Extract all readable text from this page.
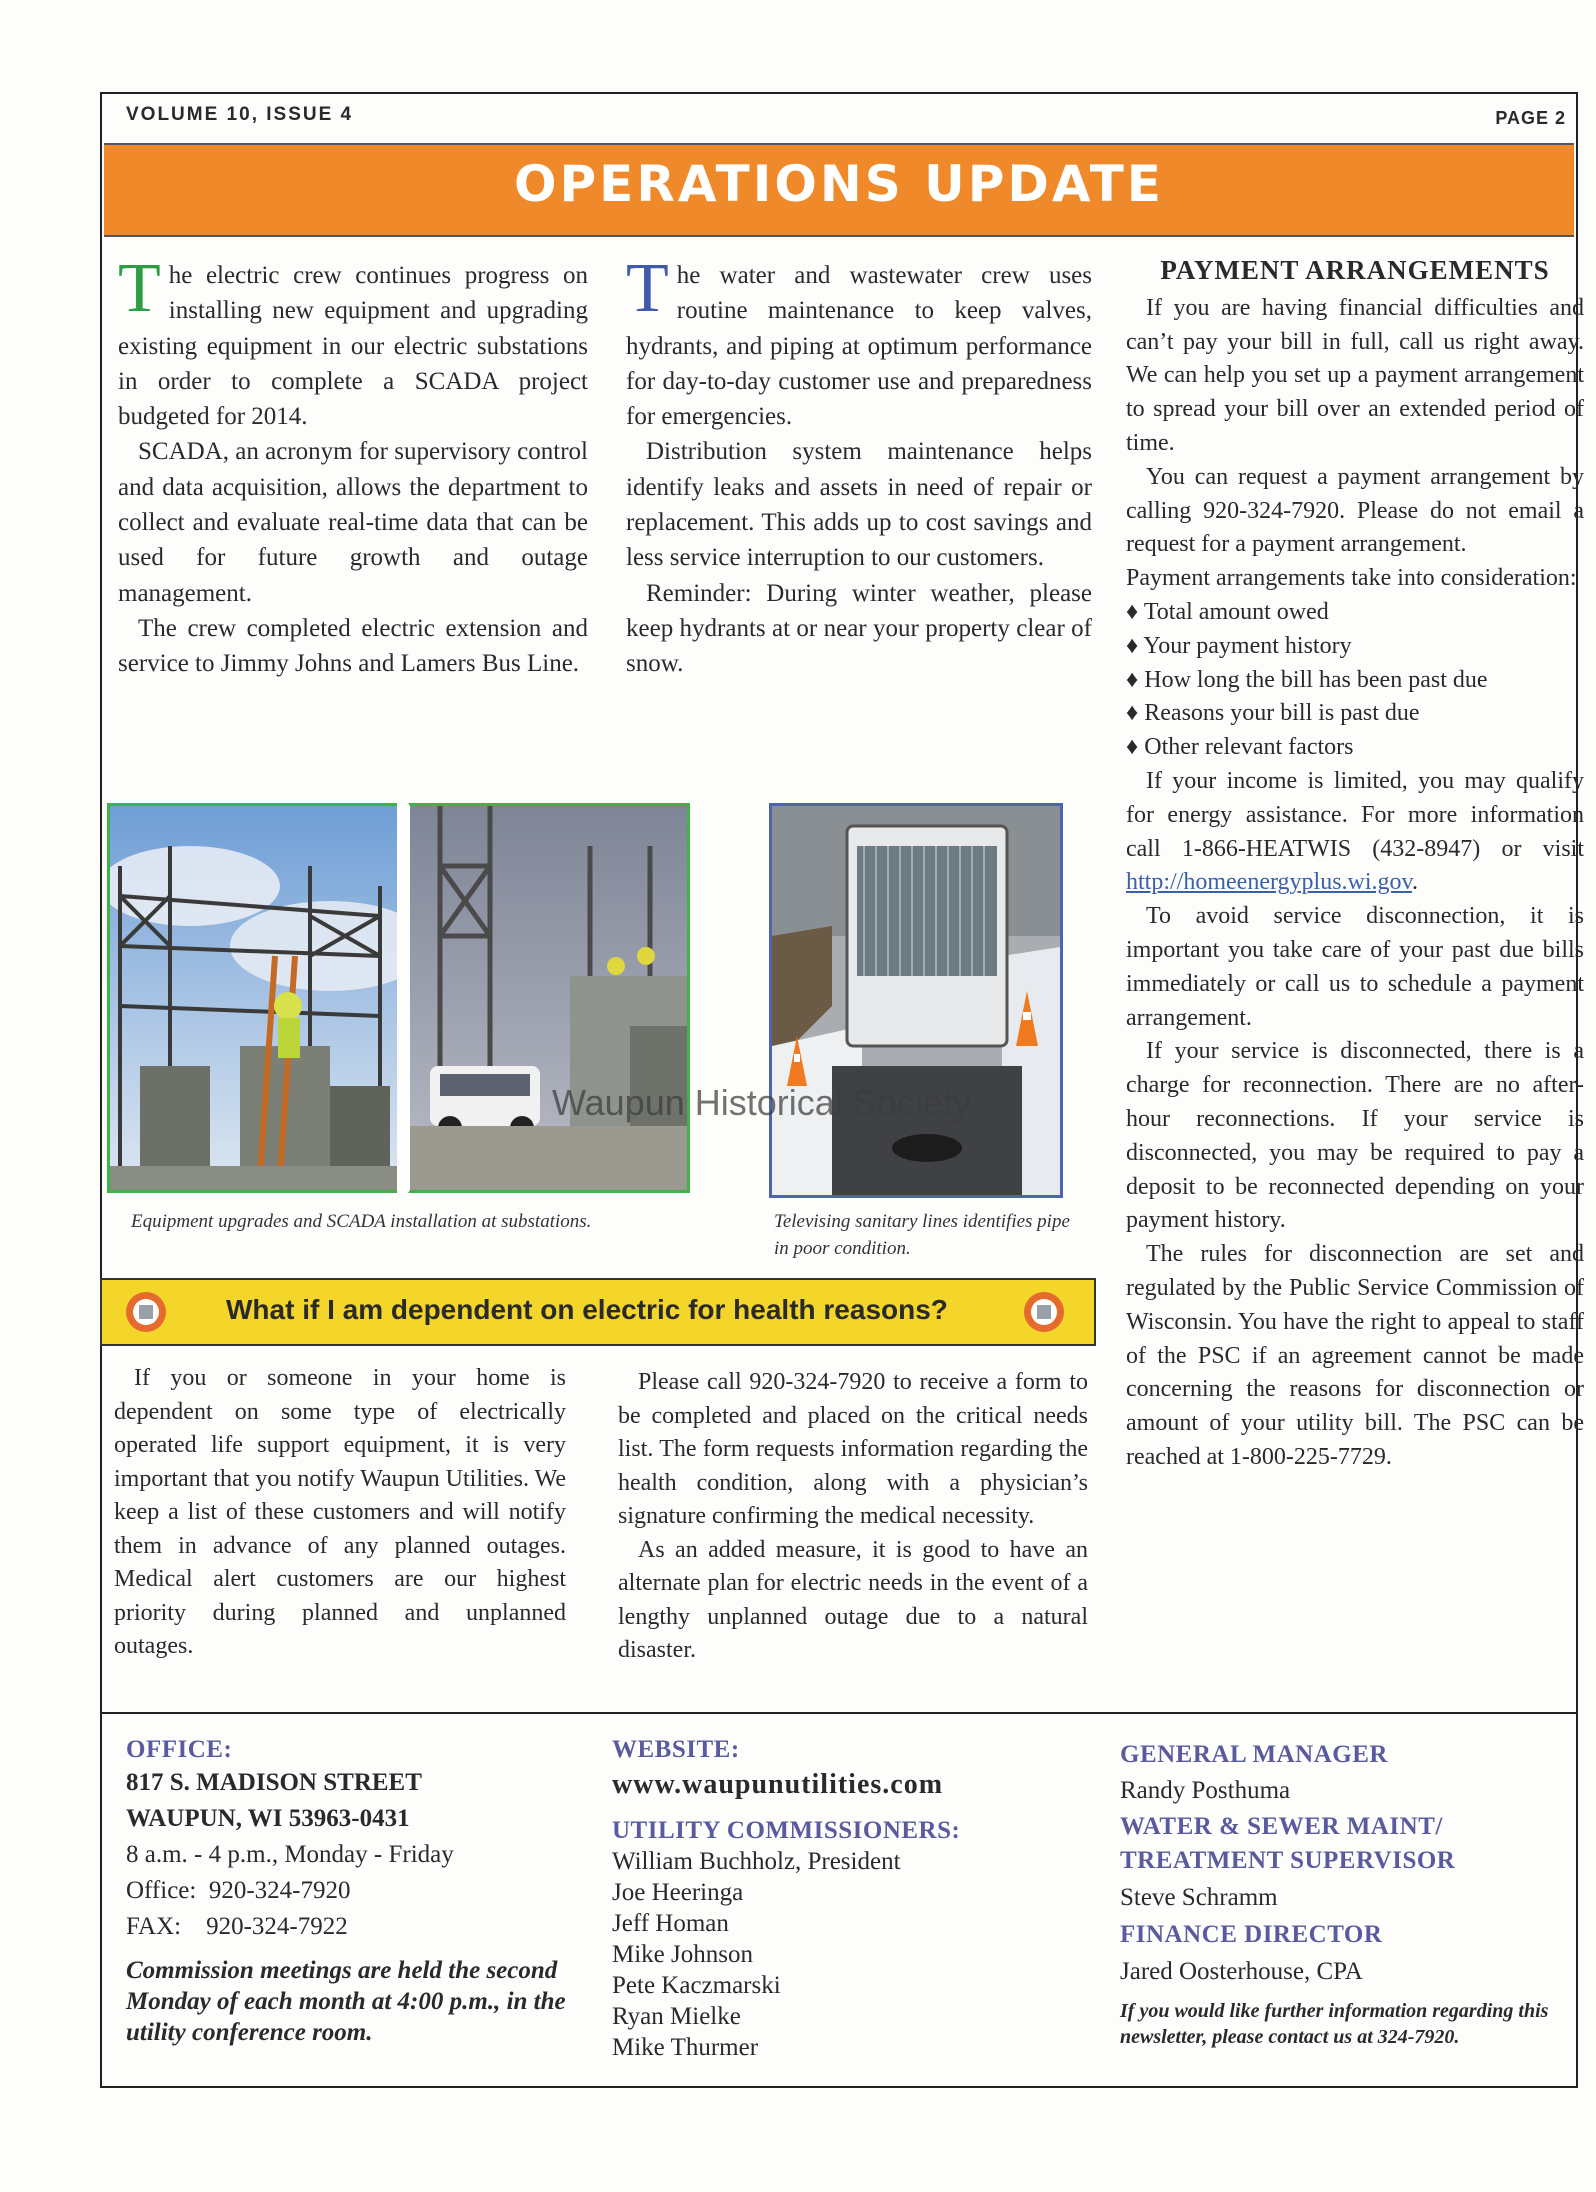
VOLUME 10, ISSUE 4	PAGE 2
OPERATIONS UPDATE

The electric crew continues progress on installing new equipment and upgrading existing equipment in our electric substations in order to complete a SCADA project budgeted for 2014.

SCADA, an acronym for supervisory control and data acquisition, allows the department to collect and evaluate real-time data that can be used for future growth and outage management.

The crew completed electric extension and service to Jimmy Johns and Lamers Bus Line.

The water and wastewater crew uses routine maintenance to keep valves, hydrants, and piping at optimum performance for day-to-day customer use and preparedness for emergencies.

Distribution system maintenance helps identify leaks and assets in need of repair or replacement. This adds up to cost savings and less service interruption to our customers.

Reminder: During winter weather, please keep hydrants at or near your property clear of snow.

PAYMENT ARRANGEMENTS

If you are having financial difficulties and can’t pay your bill in full, call us right away. We can help you set up a payment arrangement to spread your bill over an extended period of time.

You can request a payment arrangement by calling 920-324-7920. Please do not email a request for a payment arrangement.

Payment arrangements take into consideration:

♦ Total amount owed
♦ Your payment history
♦ How long the bill has been past due
♦ Reasons your bill is past due
♦ Other relevant factors

If your income is limited, you may qualify for energy assistance. For more information call 1-866-HEATWIS (432-8947) or visit http://homeenergyplus.wi.gov.

To avoid service disconnection, it is important you take care of your past due bills immediately or call us to schedule a payment arrangement.

If your service is disconnected, there is a charge for reconnection. There are no after-hour reconnections. If your service is disconnected, you may be required to pay a deposit to be reconnected depending on your payment history.

The rules for disconnection are set and regulated by the Public Service Commission of Wisconsin. You have the right to appeal to staff of the PSC if an agreement cannot be made concerning the reasons for disconnection or amount of your utility bill. The PSC can be reached at 1-800-225-7729.

Equipment upgrades and SCADA installation at substations.	Televising sanitary lines identifies pipe in poor condition.
Waupun Historical Society
What if I am dependent on electric for health reasons?

If you or someone in your home is dependent on some type of electrically operated life support equipment, it is very important that you notify Waupun Utilities. We keep a list of these customers and will notify them in advance of any planned outages. Medical alert customers are our highest priority during planned and unplanned outages.

Please call 920-324-7920 to receive a form to be completed and placed on the critical needs list. The form requests information regarding the health condition, along with a physician’s signature confirming the medical necessity.

As an added measure, it is good to have an alternate plan for electric needs in the event of a lengthy unplanned outage due to a natural disaster.

OFFICE:
817 S. MADISON STREET
WAUPUN, WI 53963-0431
8 a.m. - 4 p.m., Monday - Friday
Office: 920-324-7920
FAX: 920-324-7922
Commission meetings are held the second Monday of each month at 4:00 p.m., in the utility conference room.
WEBSITE:
www.waupunutilities.com
UTILITY COMMISSIONERS:
William Buchholz, President
Joe Heeringa
Jeff Homan
Mike Johnson
Pete Kaczmarski
Ryan Mielke
Mike Thurmer
GENERAL MANAGER
Randy Posthuma
WATER & SEWER MAINT/ TREATMENT SUPERVISOR
Steve Schramm
FINANCE DIRECTOR
Jared Oosterhouse, CPA
If you would like further information regarding this newsletter, please contact us at 324-7920.
